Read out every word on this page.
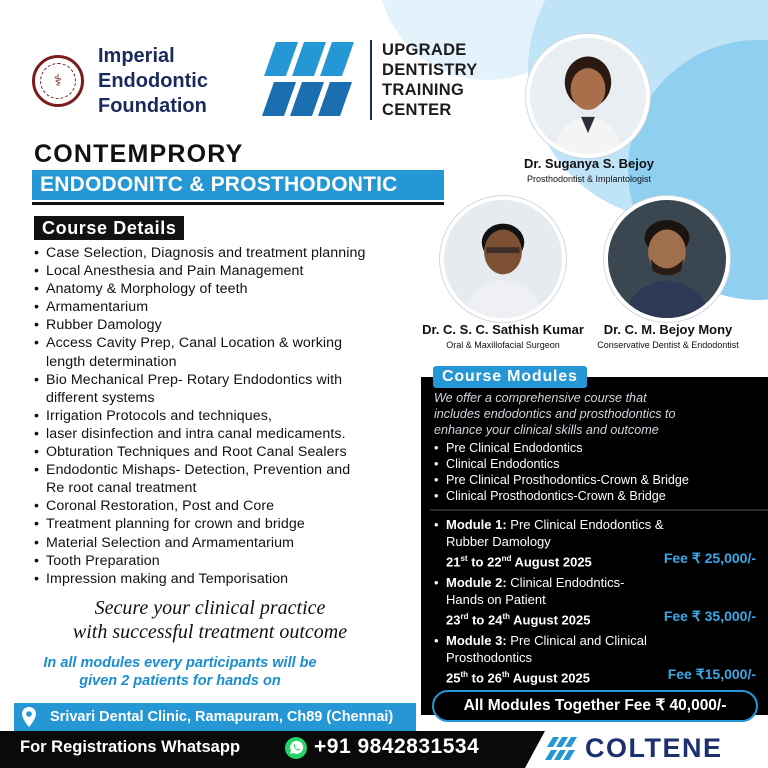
⚕
Imperial
Endodontic
Foundation
UPGRADE
DENTISTRY
TRAINING
CENTER
CONTEMPRORY
ENDODONITC & PROSTHODONTIC
Course Details
• Case Selection, Diagnosis and treatment planning
• Local Anesthesia and Pain Management
• Anatomy & Morphology of teeth
• Armamentarium
• Rubber Damology
• Access Cavity Prep, Canal Location & working
length determination
• Bio Mechanical Prep- Rotary Endodontics with
different systems
• Irrigation Protocols and techniques,
• laser disinfection and intra canal medicaments.
• Obturation Techniques and Root Canal Sealers
• Endodontic Mishaps- Detection, Prevention and
Re root canal treatment
• Coronal Restoration, Post and Core
• Treatment planning for crown and bridge
• Material Selection and Armamentarium
• Tooth Preparation
• Impression making and Temporisation
Secure your clinical practice
with successful treatment outcome
In all modules every participants will be
given 2 patients for hands on
Dr. Suganya S. Bejoy
Prosthodontist & Implantologist
Dr. C. S. C. Sathish Kumar
Oral & Maxillofacial Surgeon
Dr. C. M. Bejoy Mony
Conservative Dentist & Endodontist
Course Modules
We offer a comprehensive course that
includes endodontics and prosthodontics to
enhance your clinical skills and outcome
• Pre Clinical Endodontics
• Clinical Endodontics
• Pre Clinical Prosthodontics-Crown & Bridge
• Clinical Prosthodontics-Crown & Bridge
• Module 1: Pre Clinical Endodontics &
Rubber Damology
21st to 22nd August 2025	Fee ₹ 25,000/-
• Module 2: Clinical Endodntics-
Hands on Patient
23rd to 24th August 2025	Fee ₹ 35,000/-
• Module 3: Pre Clinical and Clinical
Prosthodontics
25th to 26th August 2025	Fee ₹15,000/-
All Modules Together Fee ₹ 40,000/-
Srivari Dental Clinic, Ramapuram, Ch89 (Chennai)
For Registrations Whatsapp	+91 9842831534	COLTENE
